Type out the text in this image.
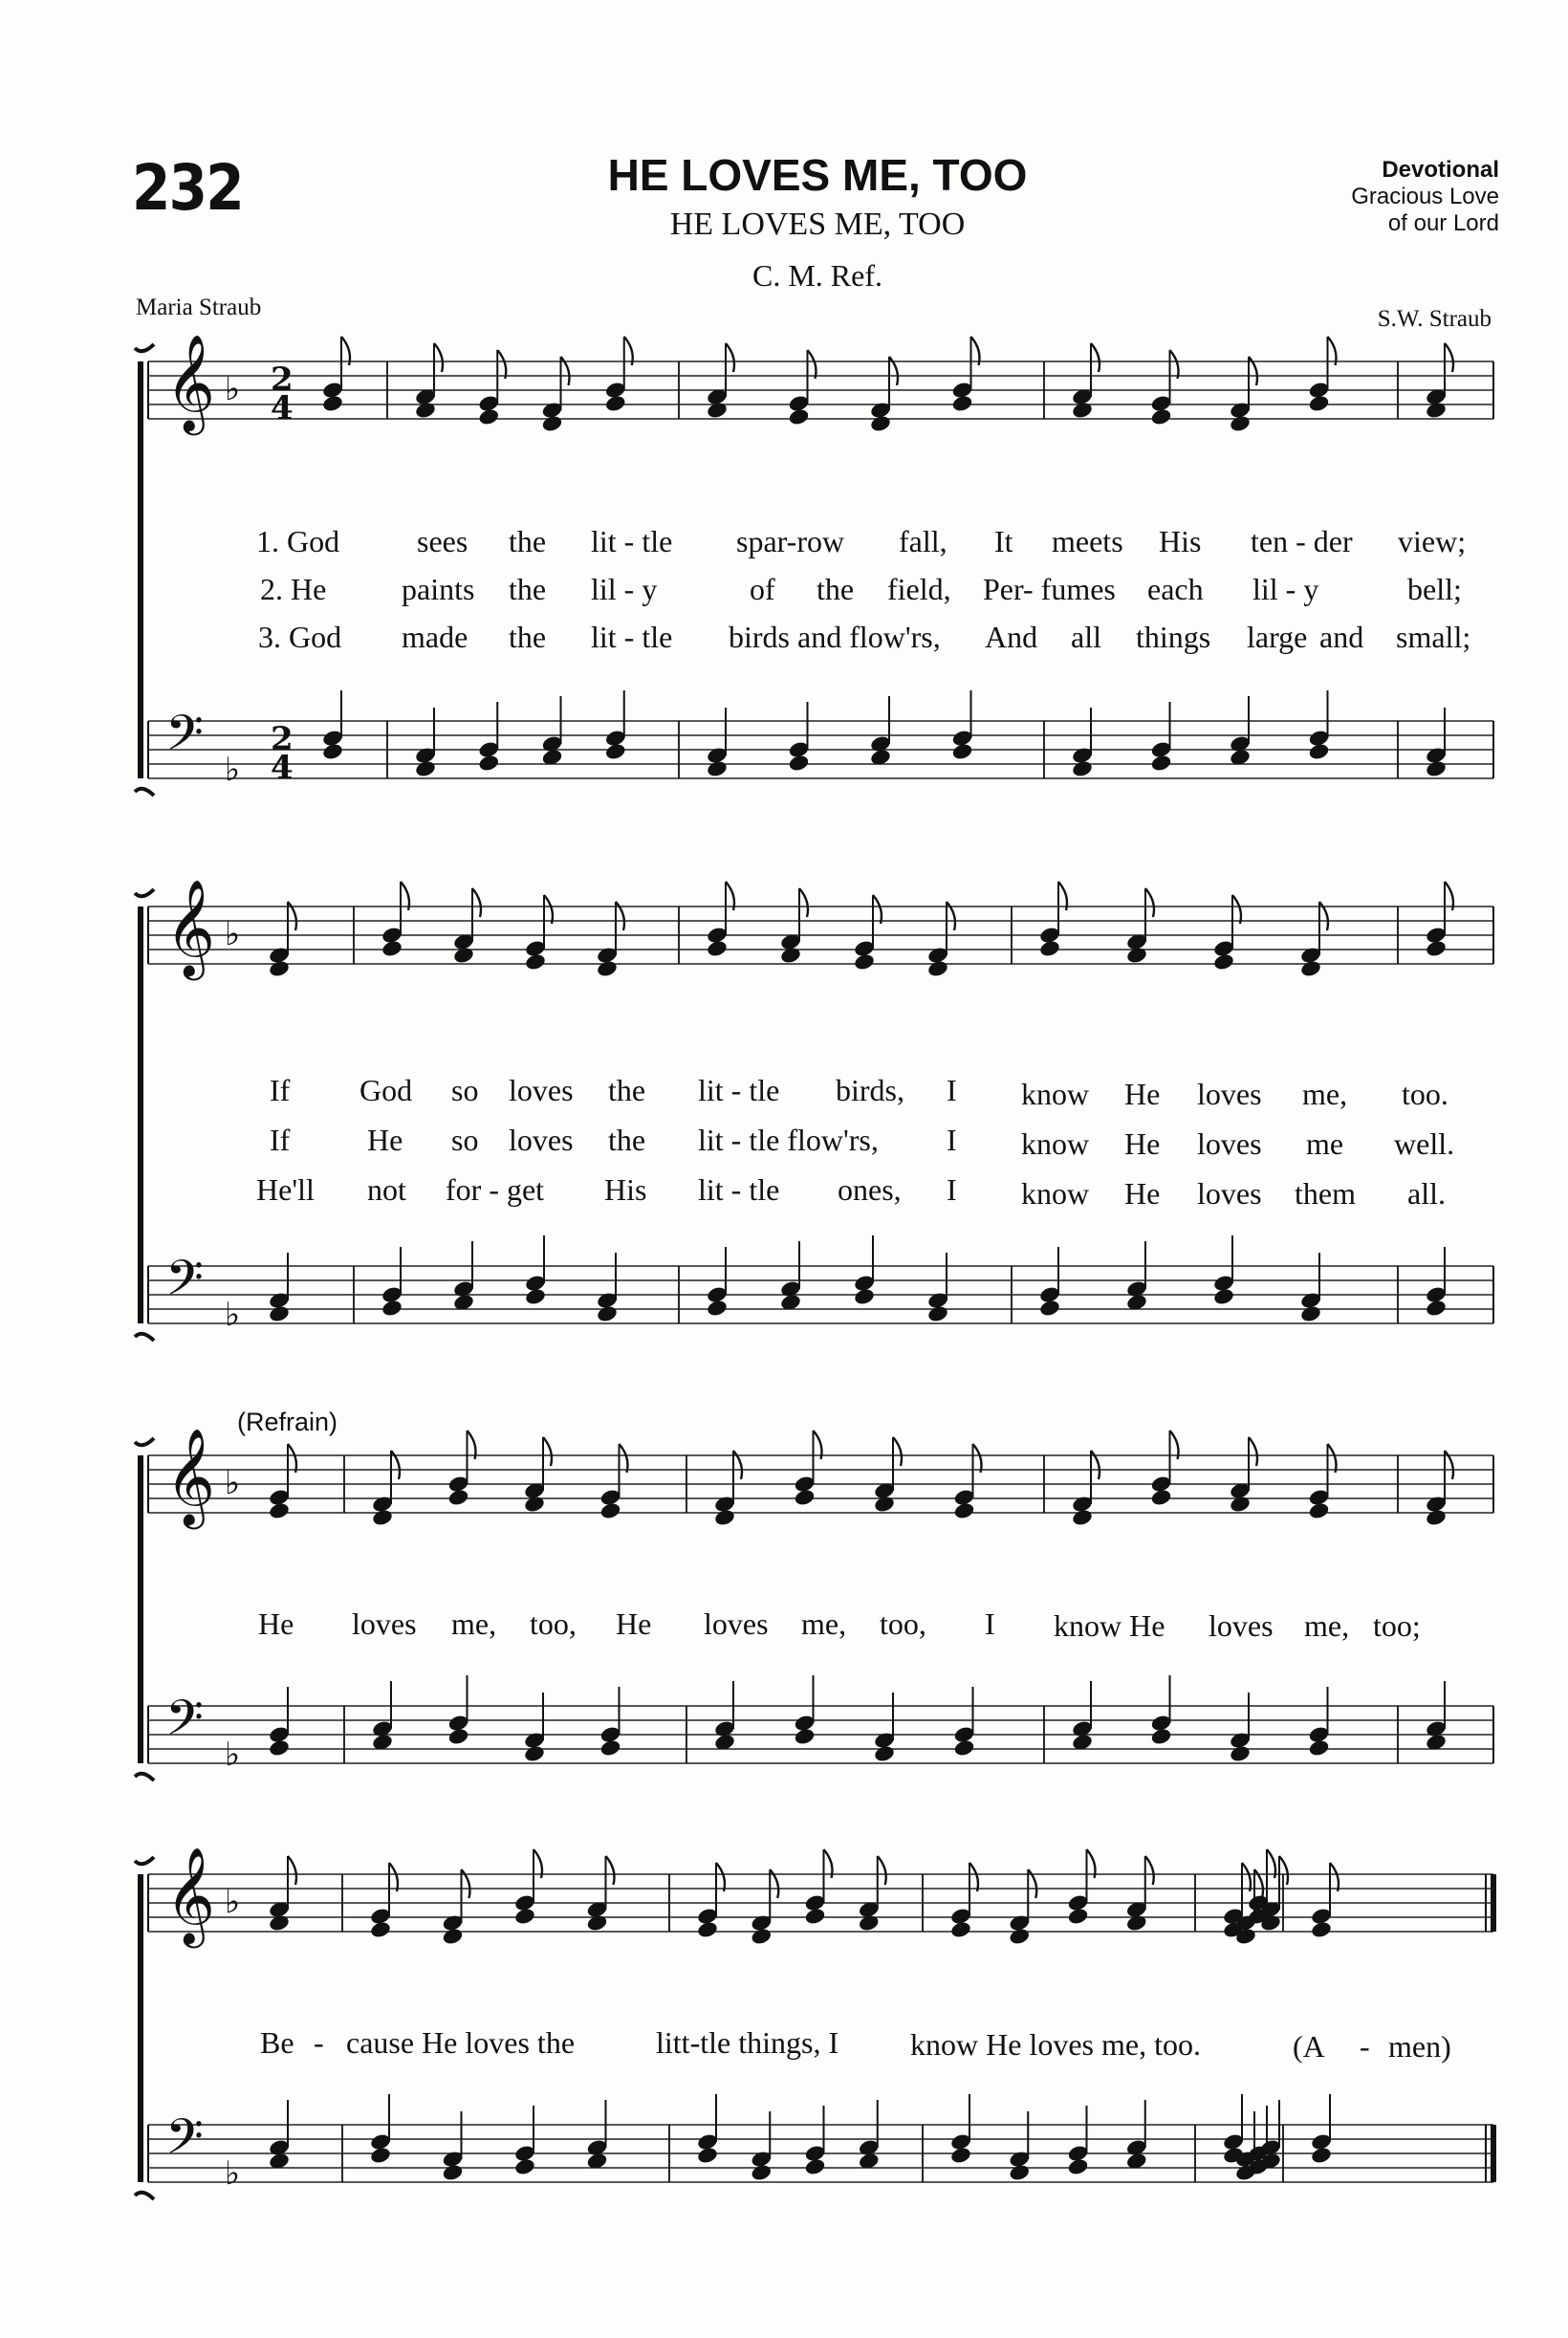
232	HE LOVES ME, TOO
HE LOVES ME, TOO
C. M. Ref.
Devotional
Gracious Love
of our Lord
Maria Straub	S.W. Straub
(Refrain)
1. God	sees the lit - tle spar-row fall, It meets His ten - der view;
2. He paints the lil - y	of the field, Per- fumes each lil - y	bell;
3. God made the lit - tle birds and flow'rs, And all things large and small;
If God so loves the lit - tle birds, I know He loves me, too.
If	He so loves the lit - tle flow'rs, I know He loves me well.
He'll not for - get His lit - tle ones, I know He loves them all.
He loves me, too, He loves me, too, I know He loves me, too;
Be - cause He loves the	litt-tle things, I know He loves me, too.	(A - men)
𝄞 ♭ 2
4
𝄢 ♭
2
4
𝄞 ♭
𝄢 ♭
𝄞 ♭
𝄢 ♭
𝄞 ♭
𝄢 ♭
